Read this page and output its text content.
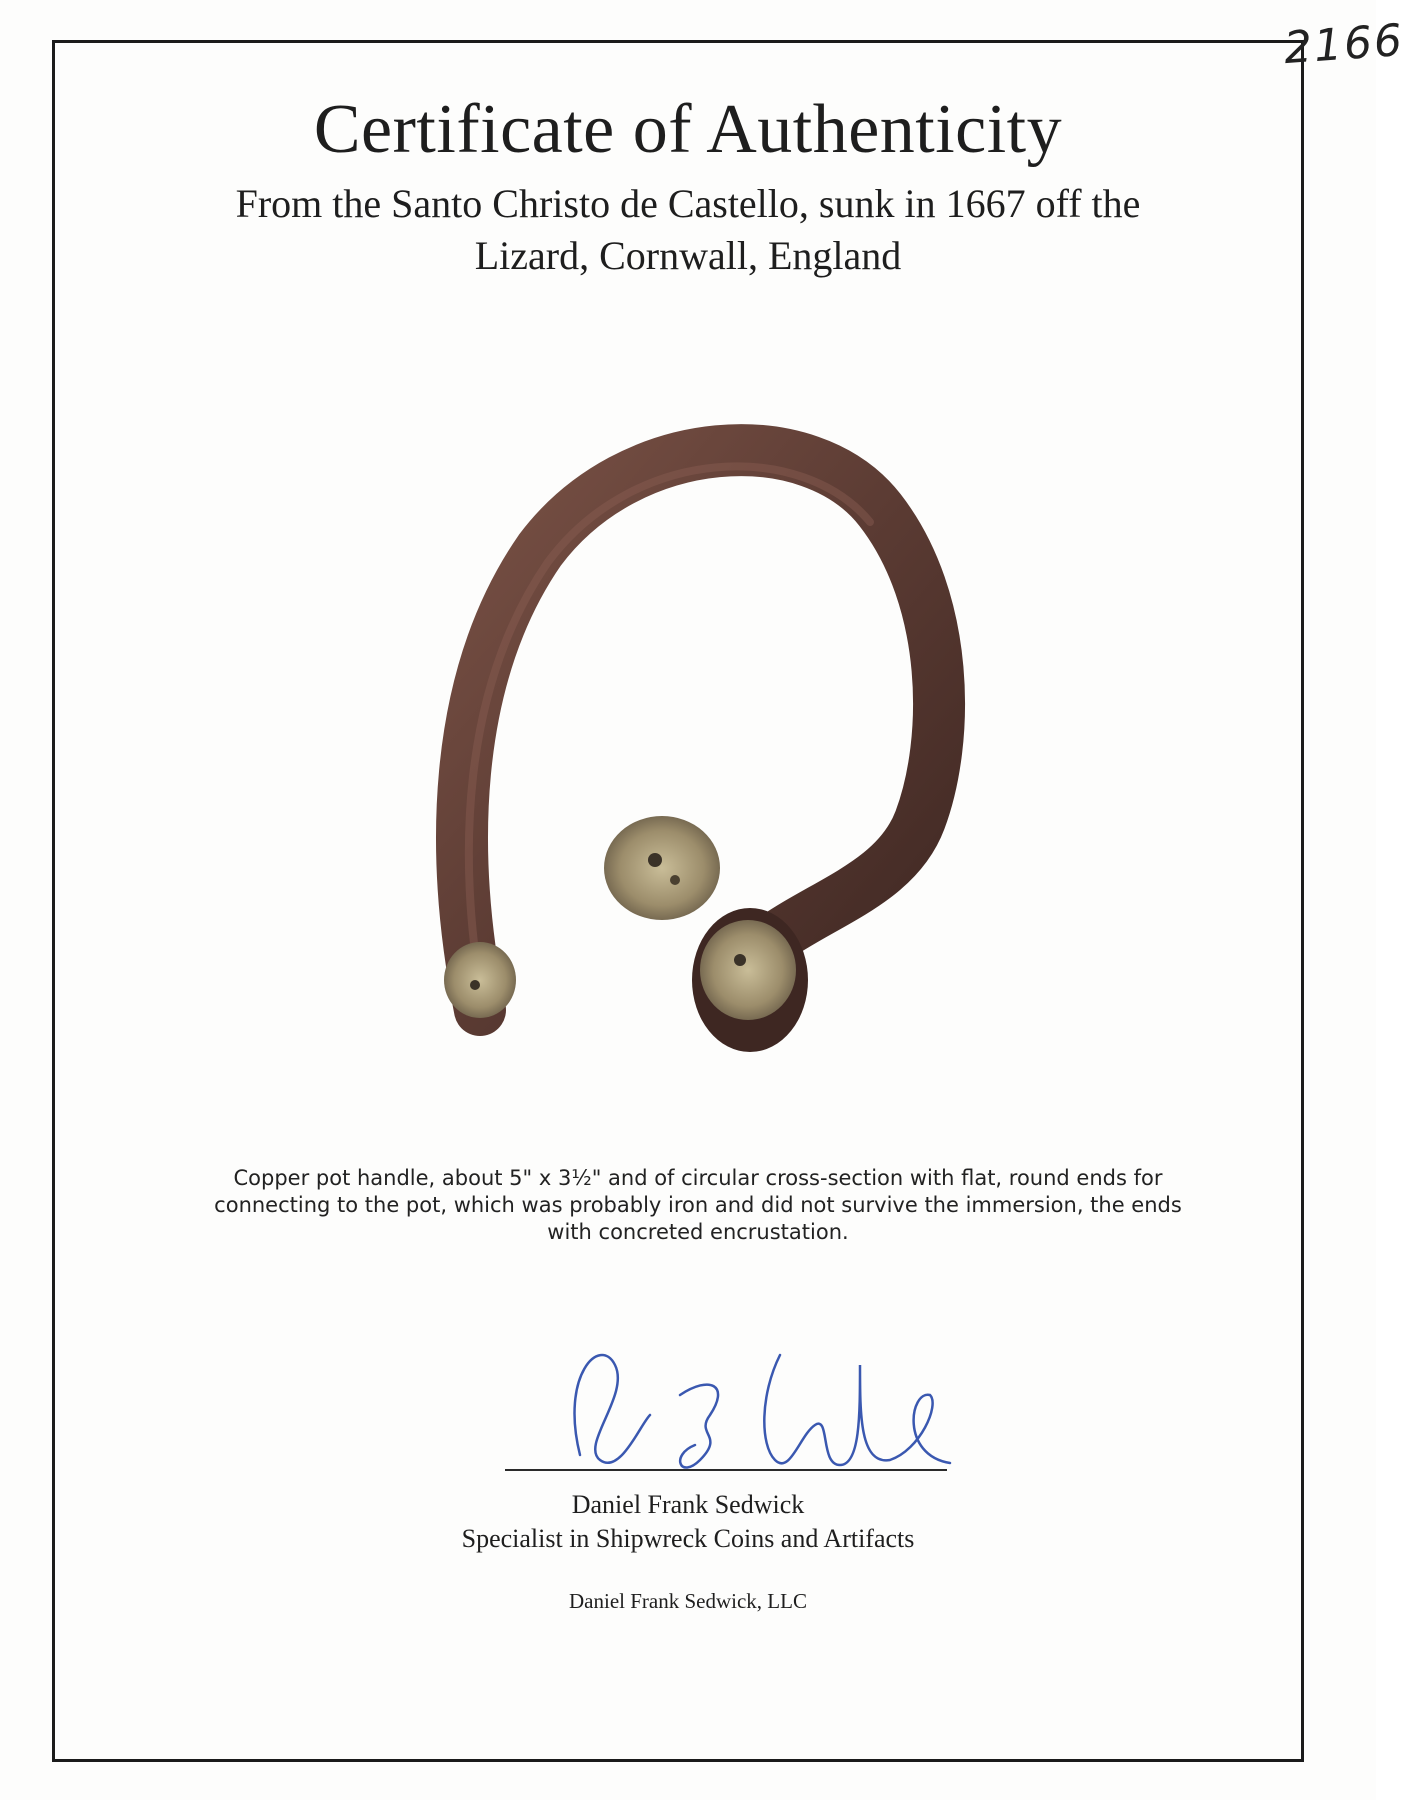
2166
Certificate of Authenticity
From the Santo Christo de Castello, sunk in 1667 off the
Lizard, Cornwall, England
Copper pot handle, about 5" x 3½" and of circular cross-section with flat, round ends for connecting to the pot, which was probably iron and did not survive the immersion, the ends with concreted encrustation.
Daniel Frank Sedwick
Specialist in Shipwreck Coins and Artifacts
Daniel Frank Sedwick, LLC
